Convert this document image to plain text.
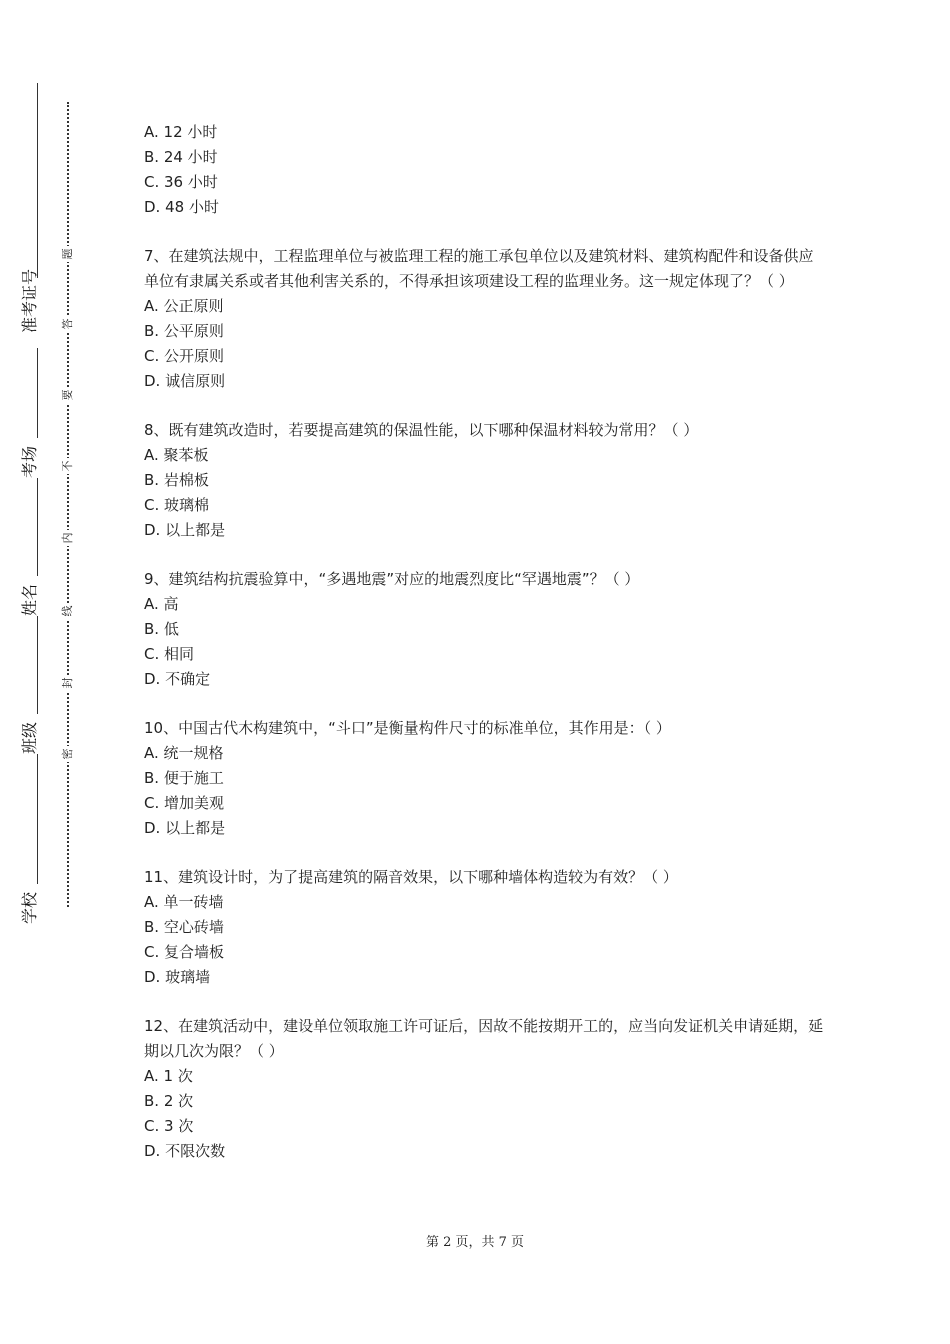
准考证号
考场
姓名
班级
学校
题
答
要
不
内
线
封
密

A. 12 小时

B. 24 小时

C. 36 小时

D. 48 小时

7、在建筑法规中，工程监理单位与被监理工程的施工承包单位以及建筑材料、建筑构配件和设备供应单位有隶属关系或者其他利害关系的，不得承担该项建设工程的监理业务。这一规定体现了？（ ）

A. 公正原则

B. 公平原则

C. 公开原则

D. 诚信原则

8、既有建筑改造时，若要提高建筑的保温性能，以下哪种保温材料较为常用？（ ）

A. 聚苯板

B. 岩棉板

C. 玻璃棉

D. 以上都是

9、建筑结构抗震验算中，“多遇地震”对应的地震烈度比“罕遇地震”？（ ）

A. 高

B. 低

C. 相同

D. 不确定

10、中国古代木构建筑中，“斗口”是衡量构件尺寸的标准单位，其作用是：（ ）

A. 统一规格

B. 便于施工

C. 增加美观

D. 以上都是

11、建筑设计时，为了提高建筑的隔音效果，以下哪种墙体构造较为有效？（ ）

A. 单一砖墙

B. 空心砖墙

C. 复合墙板

D. 玻璃墙

12、在建筑活动中，建设单位领取施工许可证后，因故不能按期开工的，应当向发证机关申请延期，延期以几次为限？（ ）

A. 1 次

B. 2 次

C. 3 次

D. 不限次数

第 2 页，共 7 页
